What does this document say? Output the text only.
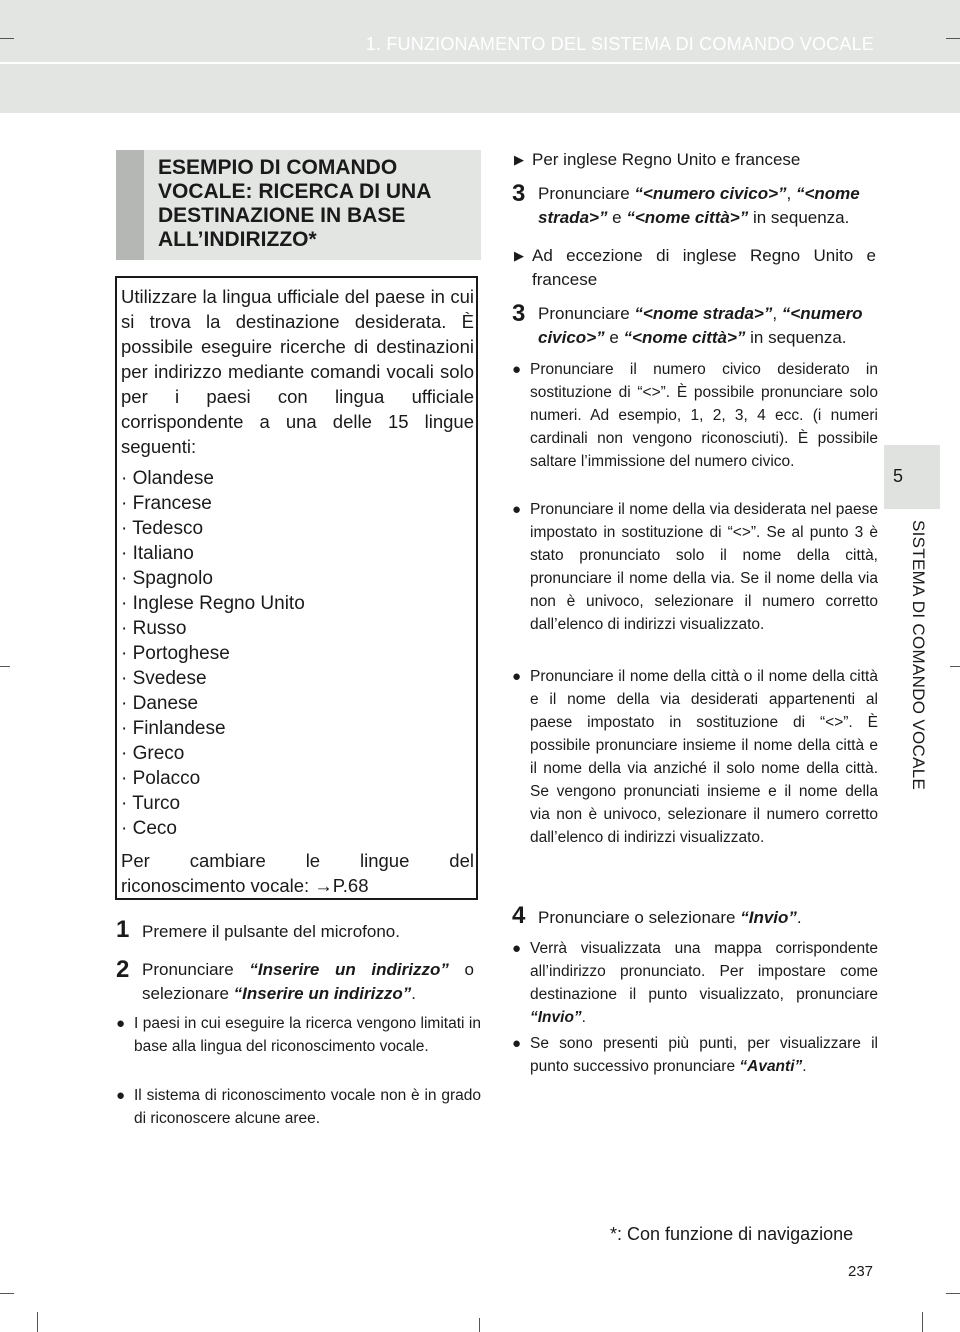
1. FUNZIONAMENTO DEL SISTEMA DI COMANDO VOCALE
5
SISTEMA DI COMANDO VOCALE
ESEMPIO DI COMANDO VOCALE: RICERCA DI UNA DESTINAZIONE IN BASE ALL’INDIRIZZO*
Utilizzare la lingua ufficiale del paese in cui si trova la destinazione desiderata. È possibile eseguire ricerche di destinazioni per indirizzo mediante comandi vocali solo per i paesi con lingua ufficiale corrispondente a una delle 15 lingue seguenti:
· Olandese
· Francese
· Tedesco
· Italiano
· Spagnolo
· Inglese Regno Unito
· Russo
· Portoghese
· Svedese
· Danese
· Finlandese
· Greco
· Polacco
· Turco
· Ceco
Per cambiare le lingue del
riconoscimento vocale: →P.68
1 Premere il pulsante del microfono.
2 Pronunciare “Inserire un indirizzo” o selezionare “Inserire un indirizzo”.
● I paesi in cui eseguire la ricerca vengono limitati in base alla lingua del riconoscimento vocale.
● Il sistema di riconoscimento vocale non è in grado di riconoscere alcune aree.
▶ Per inglese Regno Unito e francese
3 Pronunciare “<numero civico>”, “<nome strada>” e “<nome città>” in sequenza.
▶ Ad eccezione di inglese Regno Unito e francese
3 Pronunciare “<nome strada>”, “<numero civico>” e “<nome città>” in sequenza.
● Pronunciare il numero civico desiderato in sostituzione di “<>”. È possibile pronunciare solo numeri. Ad esempio, 1, 2, 3, 4 ecc. (i numeri cardinali non vengono riconosciuti). È possibile saltare l’immissione del numero civico.
● Pronunciare il nome della via desiderata nel paese impostato in sostituzione di “<>”. Se al punto 3 è stato pronunciato solo il nome della città, pronunciare il nome della via. Se il nome della via non è univoco, selezionare il numero corretto dall’elenco di indirizzi visualizzato.
● Pronunciare il nome della città o il nome della città e il nome della via desiderati appartenenti al paese impostato in sostituzione di “<>”. È possibile pronunciare insieme il nome della città e il nome della via anziché il solo nome della città. Se vengono pronunciati insieme e il nome della via non è univoco, selezionare il numero corretto dall’elenco di indirizzi visualizzato.
4 Pronunciare o selezionare “Invio”.
● Verrà visualizzata una mappa corrispondente all’indirizzo pronunciato. Per impostare come destinazione il punto visualizzato, pronunciare “Invio”.
● Se sono presenti più punti, per visualizzare il punto successivo pronunciare “Avanti”.
*: Con funzione di navigazione
237
